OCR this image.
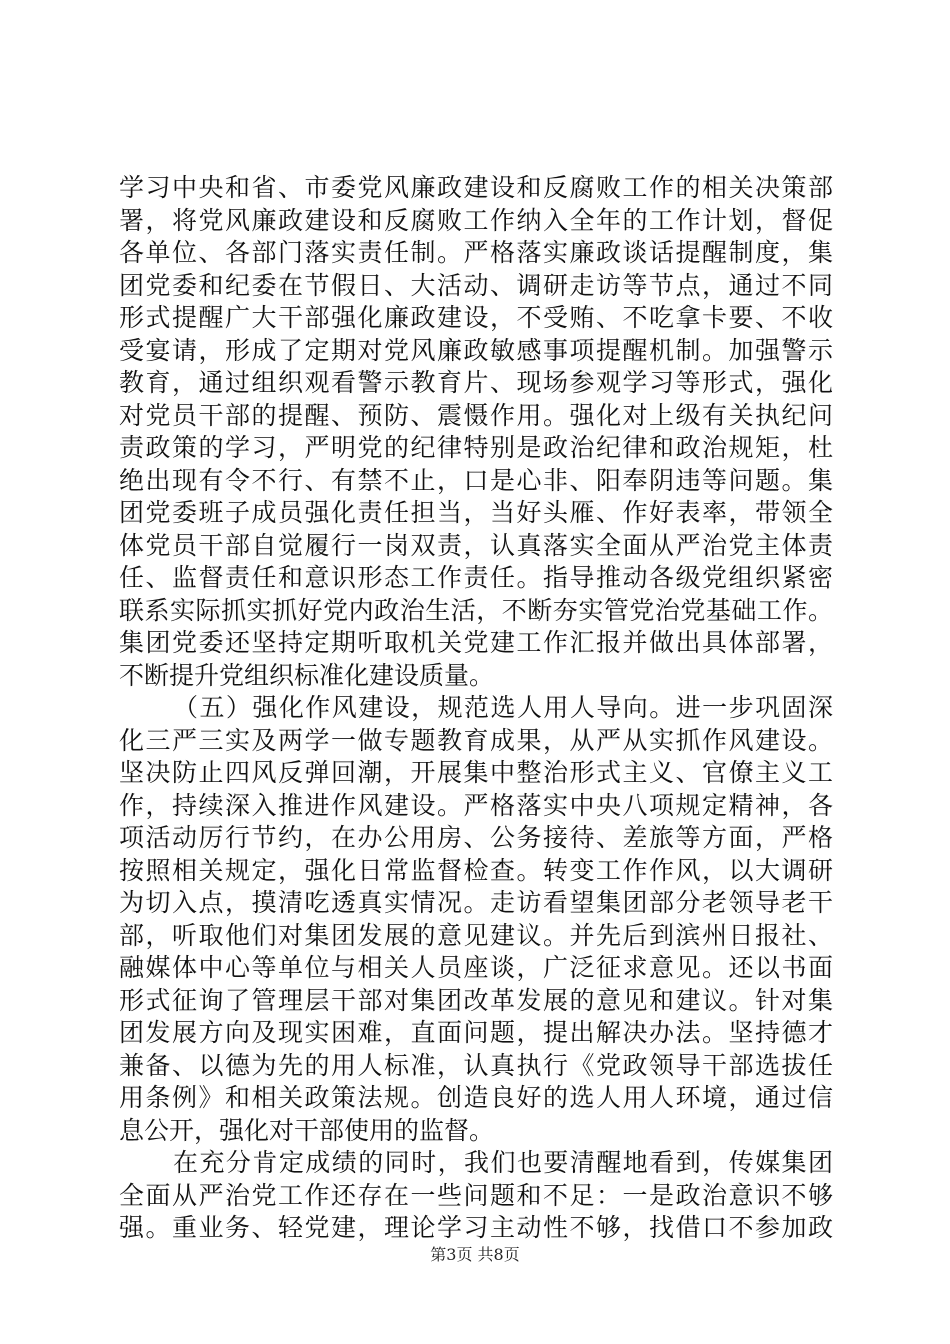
学习中央和省、市委党风廉政建设和反腐败工作的相关决策部
署，将党风廉政建设和反腐败工作纳入全年的工作计划，督促
各单位、各部门落实责任制。严格落实廉政谈话提醒制度，集
团党委和纪委在节假日、大活动、调研走访等节点，通过不同
形式提醒广大干部强化廉政建设，不受贿、不吃拿卡要、不收
受宴请，形成了定期对党风廉政敏感事项提醒机制。加强警示
教育，通过组织观看警示教育片、现场参观学习等形式，强化
对党员干部的提醒、预防、震慑作用。强化对上级有关执纪问
责政策的学习，严明党的纪律特别是政治纪律和政治规矩，杜
绝出现有令不行、有禁不止，口是心非、阳奉阴违等问题。集
团党委班子成员强化责任担当，当好头雁、作好表率，带领全
体党员干部自觉履行一岗双责，认真落实全面从严治党主体责
任、监督责任和意识形态工作责任。指导推动各级党组织紧密
联系实际抓实抓好党内政治生活，不断夯实管党治党基础工作。
集团党委还坚持定期听取机关党建工作汇报并做出具体部署，
不断提升党组织标准化建设质量。
（五）强化作风建设，规范选人用人导向。进一步巩固深
化三严三实及两学一做专题教育成果，从严从实抓作风建设。
坚决防止四风反弹回潮，开展集中整治形式主义、官僚主义工
作，持续深入推进作风建设。严格落实中央八项规定精神，各
项活动厉行节约，在办公用房、公务接待、差旅等方面，严格
按照相关规定，强化日常监督检查。转变工作作风，以大调研
为切入点，摸清吃透真实情况。走访看望集团部分老领导老干
部，听取他们对集团发展的意见建议。并先后到滨州日报社、
融媒体中心等单位与相关人员座谈，广泛征求意见。还以书面
形式征询了管理层干部对集团改革发展的意见和建议。针对集
团发展方向及现实困难，直面问题，提出解决办法。坚持德才
兼备、以德为先的用人标准，认真执行《党政领导干部选拔任
用条例》和相关政策法规。创造良好的选人用人环境，通过信
息公开，强化对干部使用的监督。
在充分肯定成绩的同时，我们也要清醒地看到，传媒集团
全面从严治党工作还存在一些问题和不足：一是政治意识不够
强。重业务、轻党建，理论学习主动性不够，找借口不参加政
第3页 共8页
